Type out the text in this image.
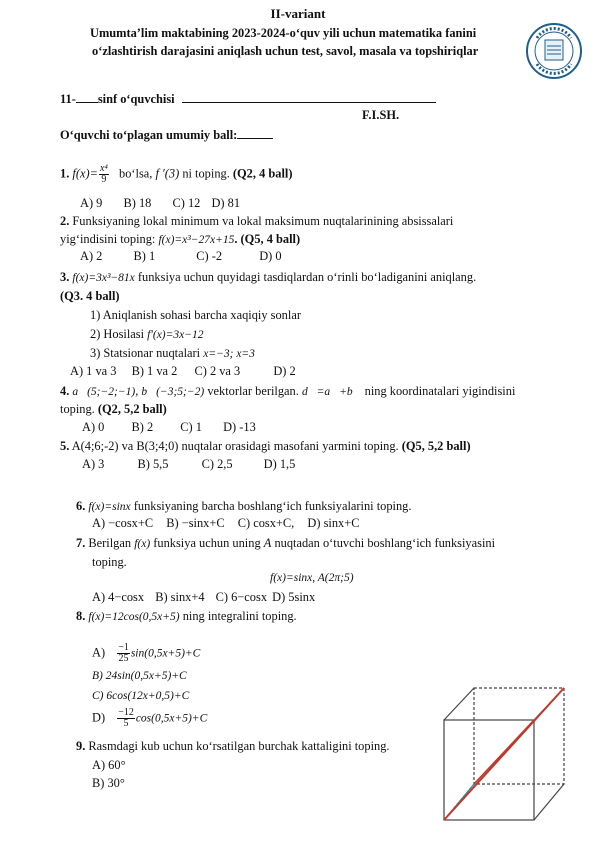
II-variant
Umumta’lim maktabining 2023-2024-o‘quv yili uchun matematika fanini
o‘zlashtirish darajasini aniqlash uchun test, savol, masala va topshiriqlar
11- sinf o‘quvchisi
F.I.SH.
O‘quvchi to‘plagan umumiy ball:
1. $f(x)= \frac{\text{x⁴}}{9}$ bo‘lsa, f ′(3) ni toping. (Q2, 4 ball)
A) 9 B) 18 C) 12 D) 81
2. Funksiyaning lokal minimum va lokal maksimum nuqtalarinining absissalari
yig‘indisini toping: f(x)=x³−27x+15. (Q5, 4 ball)
A) 2	B) 1	C) -2	D) 0
3. f(x)=3x³−81x funksiya uchun quyidagi tasdiqlardan o‘rinli bo‘ladiganini aniqlang.
(Q3. 4 ball)
1) Aniqlanish sohasi barcha xaqiqiy sonlar
2) Hosilasi f′(x)=3x−12
3) Statsionar nuqtalari x=−3; x=3
A) 1 va 3 B) 1 va 2 C) 2 va 3	D) 2
4. a⃗(5;−2;−1), b⃗(−3;5;−2) vektorlar berilgan. d⃗=a⃗+b⃗ ning koordinatalari yigindisini
toping. (Q2, 5,2 ball)
A) 0 B) 2 C) 1 D) -13
5. A(4;6;-2) va B(3;4;0) nuqtalar orasidagi masofani yarmini toping. (Q5, 5,2 ball)
A) 3	B) 5,5	C) 2,5	D) 1,5
6. f(x)=sinx funksiyaning barcha boshlang‘ich funksiyalarini toping.
A) −cosx+C B) −sinx+C C) cosx+C, D) sinx+C
7. Berilgan f(x) funksiya uchun uning A nuqtadan o‘tuvchi boshlang‘ich funksiyasini
toping.
f(x)=sinx, A(2π;5)
A) 4−cosx B) sinx+4 C) 6−cosx D) 5sinx
8. f(x)=12cos(0,5x+5) ning integralini toping.
$A) \frac{-1}{25} \sin(0,5x+5)+C$
B) 24sin(0,5x+5)+C
C) 6cos(12x+0,5)+C
$D) \frac{-12}{5} \cos(0,5x+5)+C$
9. Rasmdagi kub uchun ko‘rsatilgan burchak kattaligini toping.
A) 60°
B) 30°
